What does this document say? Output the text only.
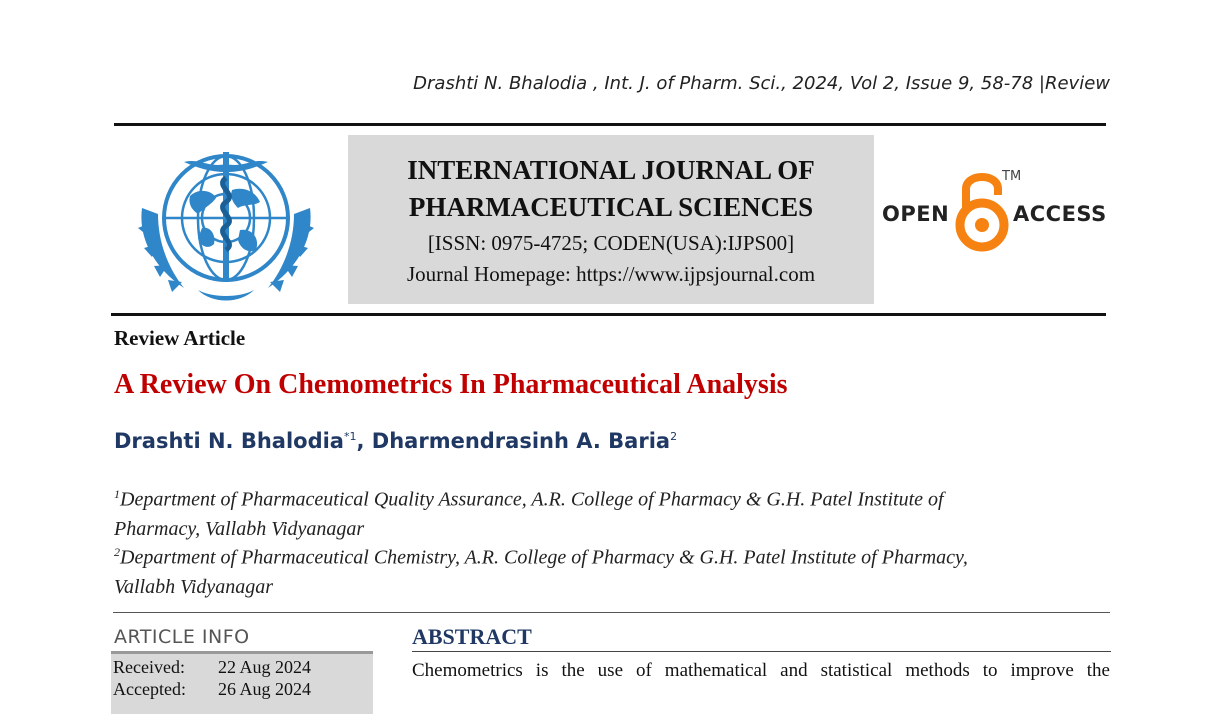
Drashti N. Bhalodia , Int. J. of Pharm. Sci., 2024, Vol 2, Issue 9, 58-78 |Review
INTERNATIONAL JOURNAL OF
PHARMACEUTICAL SCIENCES
[ISSN: 0975-4725; CODEN(USA):IJPS00]
Journal Homepage: https://www.ijpsjournal.com
OPEN
TM
ACCESS
Review Article
A Review On Chemometrics In Pharmaceutical Analysis
Drashti N. Bhalodia$^{*1}$, Dharmendrasinh A. Baria$^2$
$^1$Department of Pharmaceutical Quality Assurance, A.R. College of Pharmacy & G.H. Patel Institute of
Pharmacy, Vallabh Vidyanagar
$^2$Department of Pharmaceutical Chemistry, A.R. College of Pharmacy & G.H. Patel Institute of Pharmacy,
Vallabh Vidyanagar
ARTICLE INFO
Received: 22 Aug 2024
Accepted: 26 Aug 2024
ABSTRACT
Chemometrics is the use of mathematical and statistical methods to improve the
